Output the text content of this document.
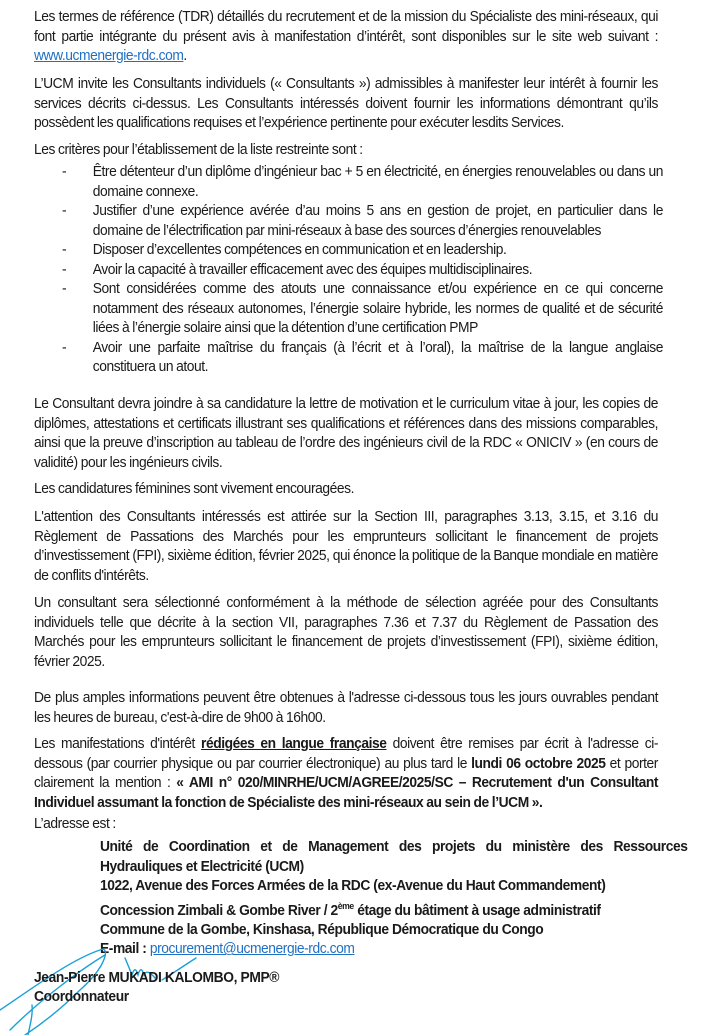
Les termes de référence (TDR) détaillés du recrutement et de la mission du Spécialiste des mini-réseaux, qui font partie intégrante du présent avis à manifestation d’intérêt, sont disponibles sur le site web suivant : www.ucmenergie-rdc.com.

L’UCM invite les Consultants individuels (« Consultants ») admissibles à manifester leur intérêt à fournir les services décrits ci-dessus. Les Consultants intéressés doivent fournir les informations démontrant qu’ils possèdent les qualifications requises et l’expérience pertinente pour exécuter lesdits Services.

Les critères pour l’établissement de la liste restreinte sont :

- Être détenteur d’un diplôme d’ingénieur bac + 5 en électricité, en énergies renouvelables ou dans un domaine connexe.
- Justifier d’une expérience avérée d’au moins 5 ans en gestion de projet, en particulier dans le domaine de l’électrification par mini-réseaux à base des sources d’énergies renouvelables
- Disposer d’excellentes compétences en communication et en leadership.
- Avoir la capacité à travailler efficacement avec des équipes multidisciplinaires.
- Sont considérées comme des atouts une connaissance et/ou expérience en ce qui concerne notamment des réseaux autonomes, l’énergie solaire hybride, les normes de qualité et de sécurité liées à l’énergie solaire ainsi que la détention d’une certification PMP
- Avoir une parfaite maîtrise du français (à l’écrit et à l’oral), la maîtrise de la langue anglaise constituera un atout.

Le Consultant devra joindre à sa candidature la lettre de motivation et le curriculum vitae à jour, les copies de diplômes, attestations et certificats illustrant ses qualifications et références dans des missions comparables, ainsi que la preuve d’inscription au tableau de l’ordre des ingénieurs civil de la RDC « ONICIV » (en cours de validité) pour les ingénieurs civils.

Les candidatures féminines sont vivement encouragées.

L'attention des Consultants intéressés est attirée sur la Section III, paragraphes 3.13, 3.15, et 3.16 du Règlement de Passations des Marchés pour les emprunteurs sollicitant le financement de projets d’investissement (FPI), sixième édition, février 2025, qui énonce la politique de la Banque mondiale en matière de conflits d'intérêts.

Un consultant sera sélectionné conformément à la méthode de sélection agréée pour des Consultants individuels telle que décrite à la section VII, paragraphes 7.36 et 7.37 du Règlement de Passation des Marchés pour les emprunteurs sollicitant le financement de projets d’investissement (FPI), sixième édition, février 2025.

De plus amples informations peuvent être obtenues à l'adresse ci-dessous tous les jours ouvrables pendant les heures de bureau, c'est-à-dire de 9h00 à 16h00.

Les manifestations d'intérêt rédigées en langue française doivent être remises par écrit à l'adresse ci-dessous (par courrier physique ou par courrier électronique) au plus tard le lundi 06 octobre 2025 et porter clairement la mention : « AMI n° 020/MINRHE/UCM/AGREE/2025/SC – Recrutement d'un Consultant Individuel assumant la fonction de Spécialiste des mini-réseaux au sein de l’UCM ».

L’adresse est :

Unité de Coordination et de Management des projets du ministère des Ressources Hydrauliques et Electricité (UCM)
1022, Avenue des Forces Armées de la RDC (ex-Avenue du Haut Commandement)
Concession Zimbali & Gombe River / 2ème étage du bâtiment à usage administratif
Commune de la Gombe, Kinshasa, République Démocratique du Congo
E-mail : procurement@ucmenergie-rdc.com
Jean-Pierre MUKADI KALOMBO, PMP®
Coordonnateur
